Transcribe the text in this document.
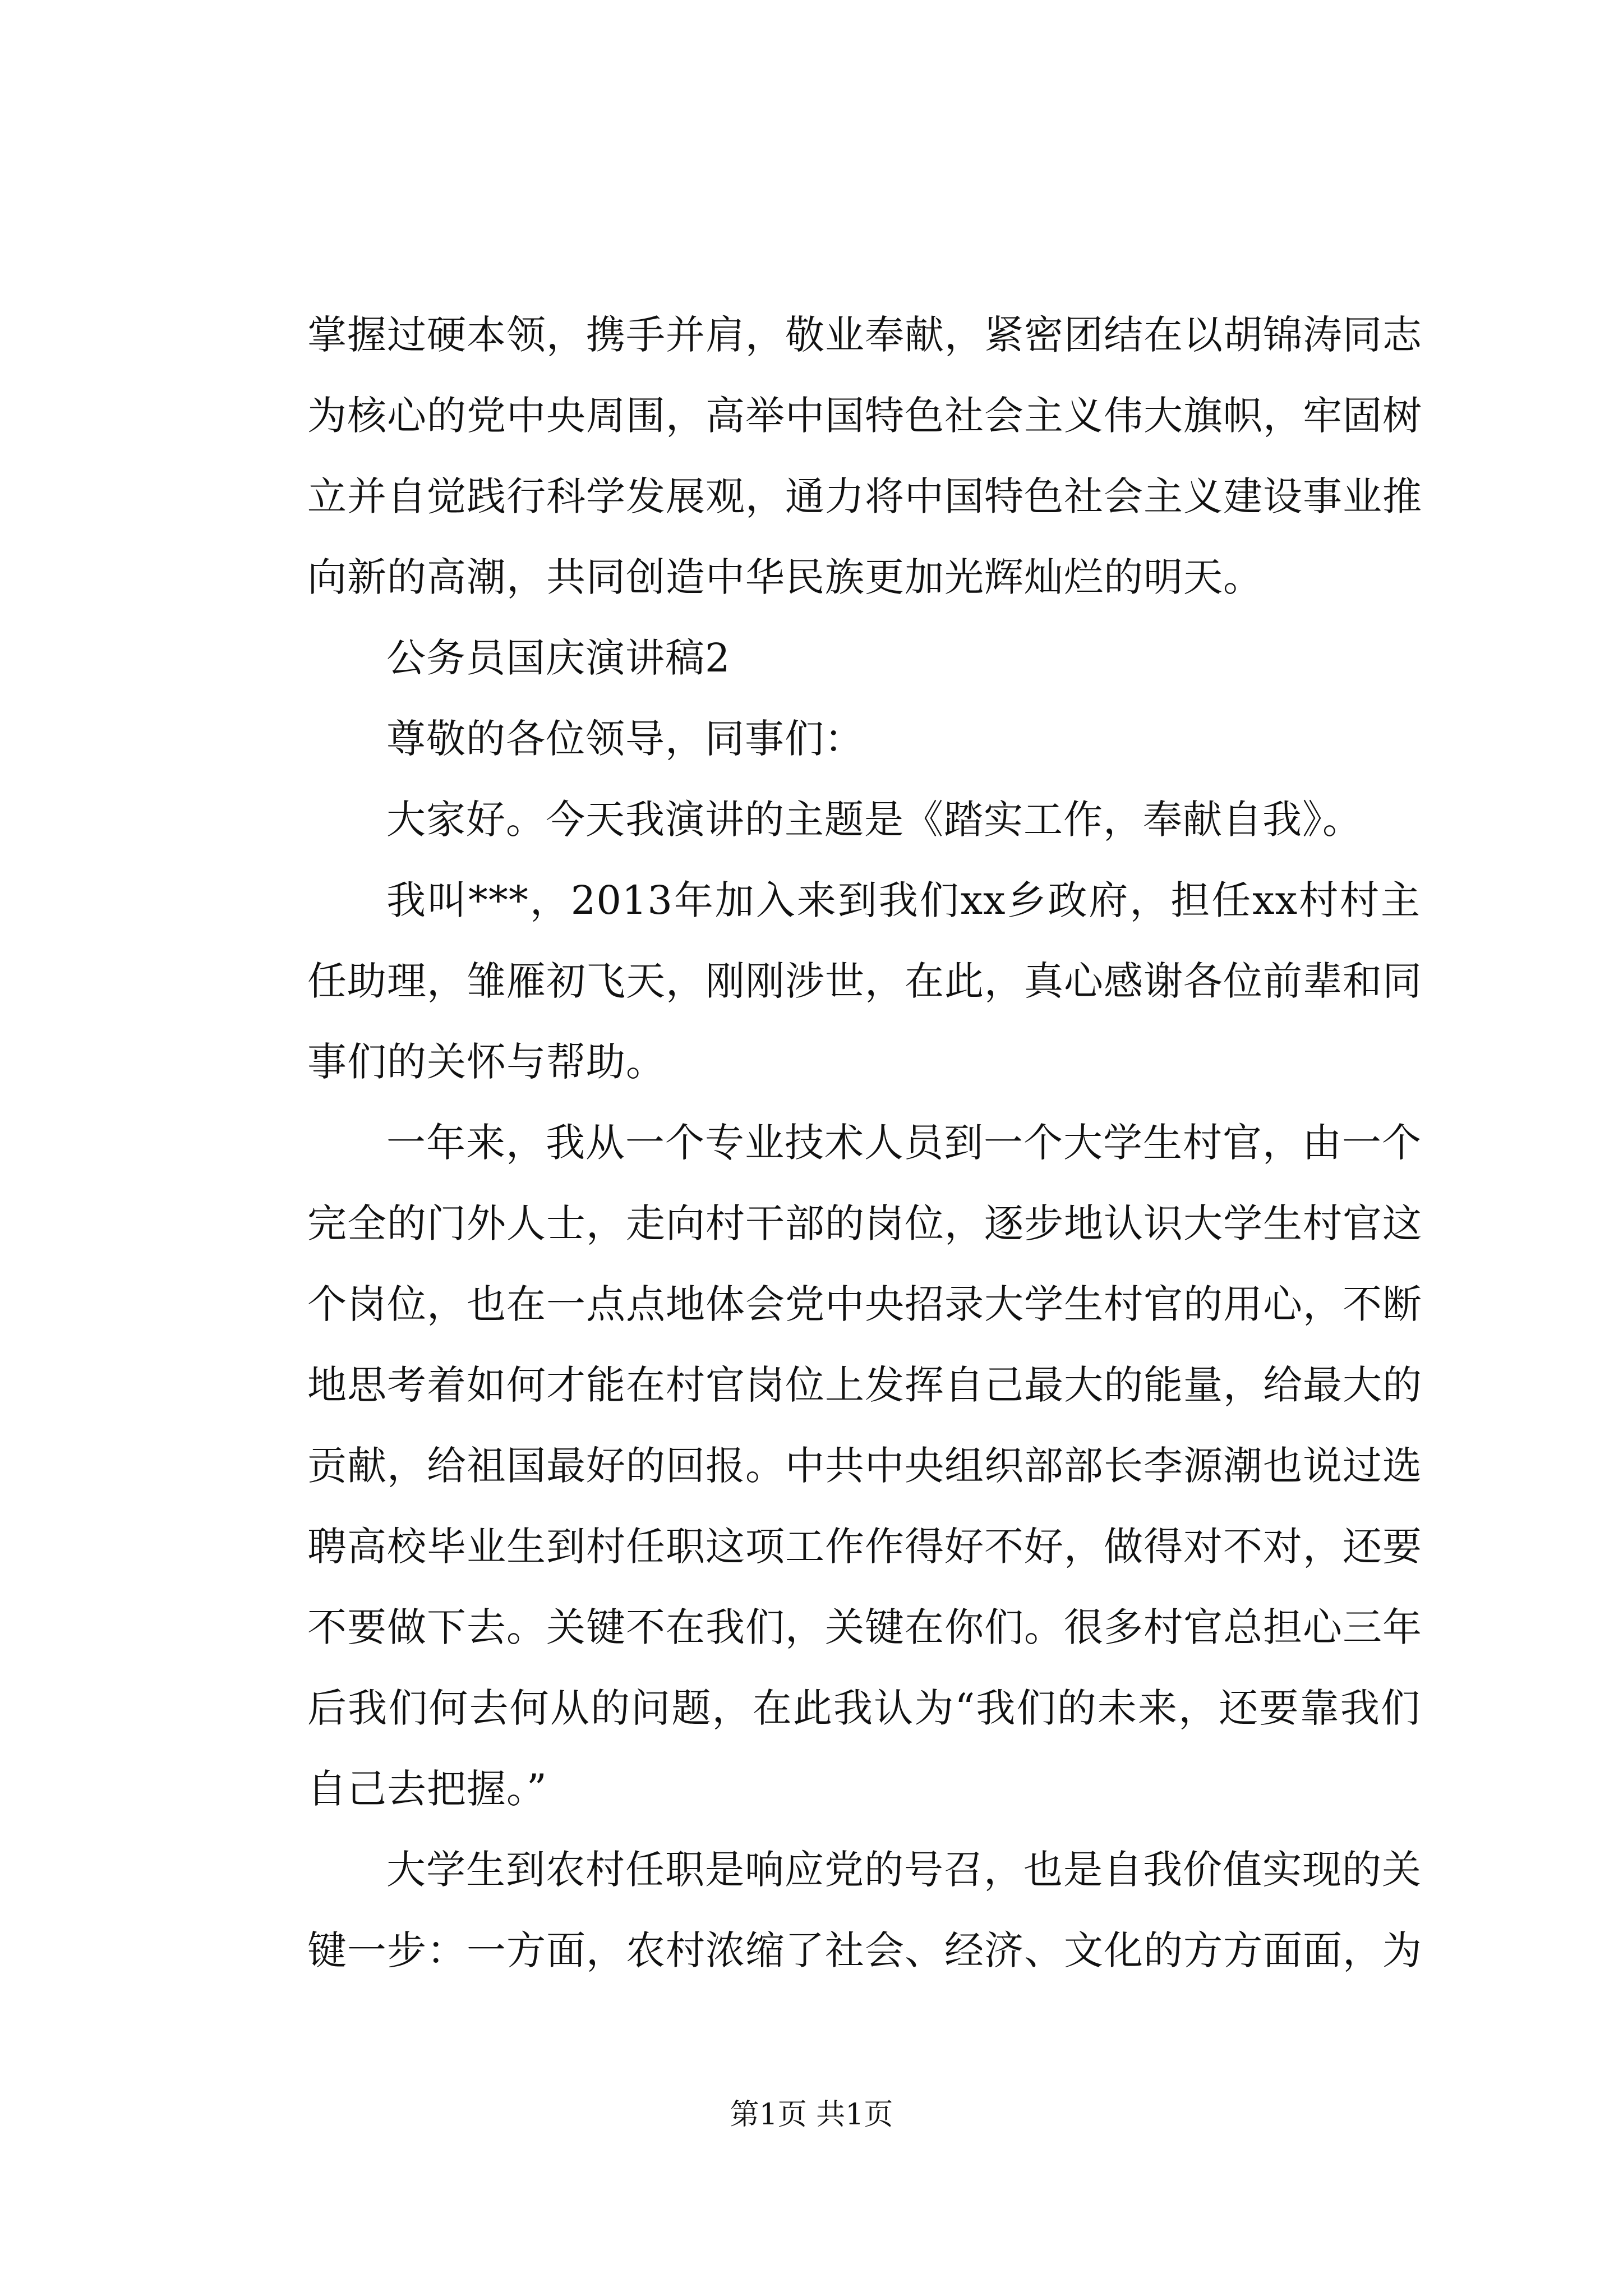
掌握过硬本领，携手并肩，敬业奉献，紧密团结在以胡锦涛同志
为核心的党中央周围，高举中国特色社会主义伟大旗帜，牢固树
立并自觉践行科学发展观，通力将中国特色社会主义建设事业推
向新的高潮，共同创造中华民族更加光辉灿烂的明天。
公务员国庆演讲稿2
尊敬的各位领导，同事们：
大家好。今天我演讲的主题是《踏实工作，奉献自我》。
我叫***，2013年加入来到我们xx乡政府，担任xx村村主
任助理，雏雁初飞天，刚刚涉世，在此，真心感谢各位前辈和同
事们的关怀与帮助。
一年来，我从一个专业技术人员到一个大学生村官，由一个
完全的门外人士，走向村干部的岗位，逐步地认识大学生村官这
个岗位，也在一点点地体会党中央招录大学生村官的用心，不断
地思考着如何才能在村官岗位上发挥自己最大的能量，给最大的
贡献，给祖国最好的回报。中共中央组织部部长李源潮也说过选
聘高校毕业生到村任职这项工作作得好不好，做得对不对，还要
不要做下去。关键不在我们，关键在你们。很多村官总担心三年
后我们何去何从的问题，在此我认为“我们的未来，还要靠我们
自己去把握。”
大学生到农村任职是响应党的号召，也是自我价值实现的关
键一步：一方面，农村浓缩了社会、经济、文化的方方面面，为
第1页 共1页
